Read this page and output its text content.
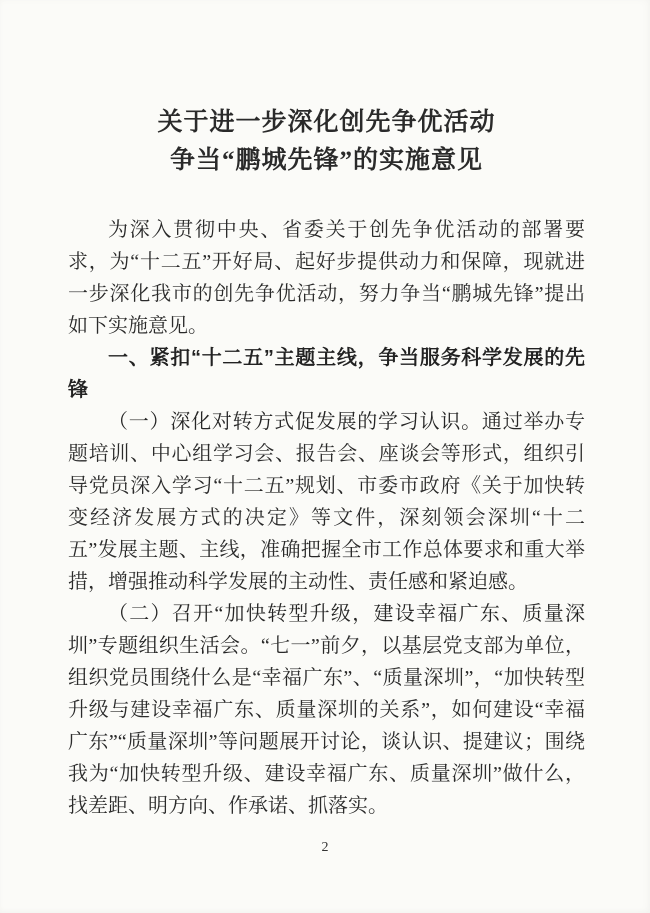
关于进一步深化创先争优活动
争当“鹏城先锋”的实施意见

为深入贯彻中央、省委关于创先争优活动的部署要求，为“十二五”开好局、起好步提供动力和保障，现就进一步深化我市的创先争优活动，努力争当“鹏城先锋”提出如下实施意见。

一、紧扣“十二五”主题主线，争当服务科学发展的先锋

（一）深化对转方式促发展的学习认识。通过举办专题培训、中心组学习会、报告会、座谈会等形式，组织引导党员深入学习“十二五”规划、市委市政府《关于加快转变经济发展方式的决定》等文件，深刻领会深圳“十二五”发展主题、主线，准确把握全市工作总体要求和重大举措，增强推动科学发展的主动性、责任感和紧迫感。

（二）召开“加快转型升级，建设幸福广东、质量深圳”专题组织生活会。“七一”前夕，以基层党支部为单位，组织党员围绕什么是“幸福广东”、“质量深圳”，“加快转型升级与建设幸福广东、质量深圳的关系”，如何建设“幸福广东”“质量深圳”等问题展开讨论，谈认识、提建议；围绕我为“加快转型升级、建设幸福广东、质量深圳”做什么，找差距、明方向、作承诺、抓落实。

2
